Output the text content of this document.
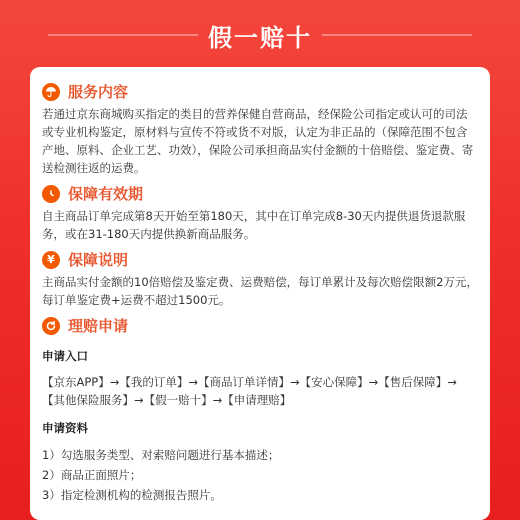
假一赔十
服务内容

若通过京东商城购买指定的类目的营养保健自营商品，经保险公司指定或认可的司法或专业机构鉴定，原材料与宣传不符或货不对版，认定为非正品的（保障范围不包含产地、原料、企业工艺、功效），保险公司承担商品实付金额的十倍赔偿、鉴定费、寄送检测往返的运费。

保障有效期

自主商品订单完成第8天开始至第180天，其中在订单完成8-30天内提供退货退款服务，或在31-180天内提供换新商品服务。

¥ 保障说明

主商品实付金额的10倍赔偿及鉴定费、运费赔偿，每订单累计及每次赔偿限额2万元，每订单鉴定费+运费不超过1500元。

理赔申请
申请入口

【京东APP】→【我的订单】→【商品订单详情】→【安心保障】→【售后保障】→【其他保险服务】→【假一赔十】→【申请理赔】

申请资料

1）勾选服务类型、对索赔问题进行基本描述；

2）商品正面照片；

3）指定检测机构的检测报告照片。
